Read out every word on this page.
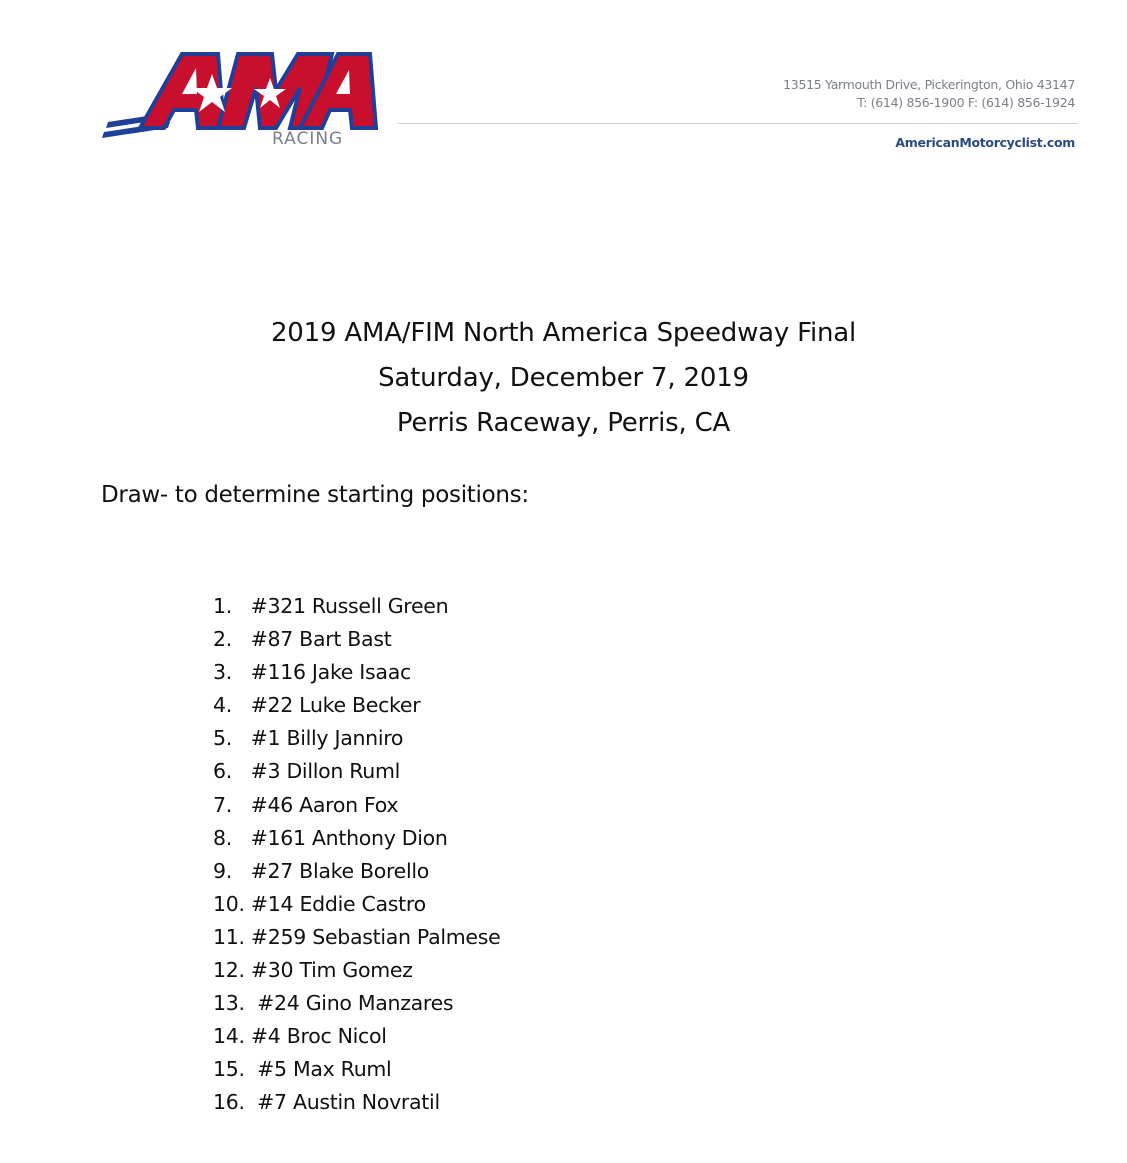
RACING
13515 Yarmouth Drive, Pickerington, Ohio 43147
T: (614) 856-1900 F: (614) 856-1924
AmericanMotorcyclist.com
2019 AMA/FIM North America Speedway Final
Saturday, December 7, 2019
Perris Raceway, Perris, CA
Draw- to determine starting positions:
1.   #321 Russell Green
2.   #87 Bart Bast
3.   #116 Jake Isaac
4.   #22 Luke Becker
5.   #1 Billy Janniro
6.   #3 Dillon Ruml
7.   #46 Aaron Fox
8.   #161 Anthony Dion
9.   #27 Blake Borello
10. #14 Eddie Castro
11. #259 Sebastian Palmese
12. #30 Tim Gomez
13.  #24 Gino Manzares
14. #4 Broc Nicol
15.  #5 Max Ruml
16.  #7 Austin Novratil
